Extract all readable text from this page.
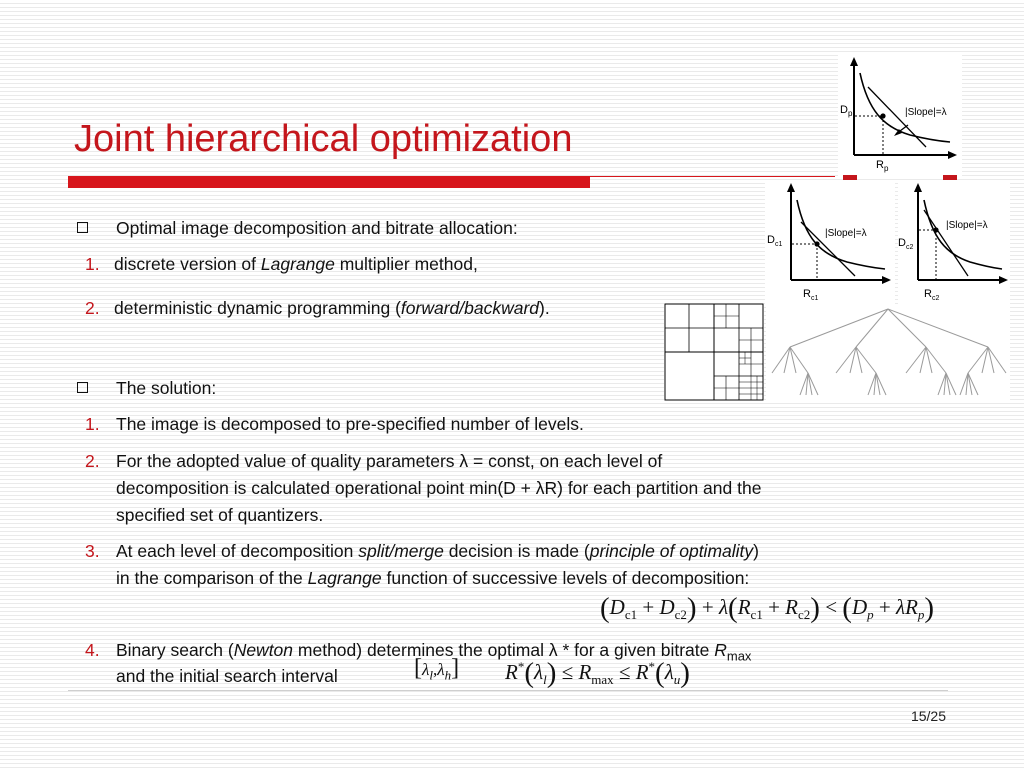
Joint hierarchical optimization
$D_p$
$R_p$
|Slope|=λ
$D_{c1}$
$R_{c1}$
|Slope|=λ
$D_{c2}$
$R_{c2}$
|Slope|=λ
Optimal image decomposition and bitrate allocation:
1. discrete version of Lagrange multiplier method,
2. deterministic dynamic programming (forward/backward).
The solution:
1. The image is decomposed to pre-specified number of levels.
2. For the adopted value of quality parameters λ = const, on each level of
decomposition is calculated operational point min(D + λR) for each partition and the
specified set of quantizers.
3. At each level of decomposition split/merge decision is made (principle of optimality)
in the comparison of the Lagrange function of successive levels of decomposition:
$(D_{c1} + D_{c2}) + \lambda(R_{c1} + R_{c2}) < (D_p + \lambda R_p)$
4. Binary search (Newton method) determines the optimal λ * for a given bitrate $R_{max}$
and the initial search interval	$[\lambda_l,\lambda_h] R^*(\lambda_l) \le R_{max} \le R^*(\lambda_u)$
15/25
